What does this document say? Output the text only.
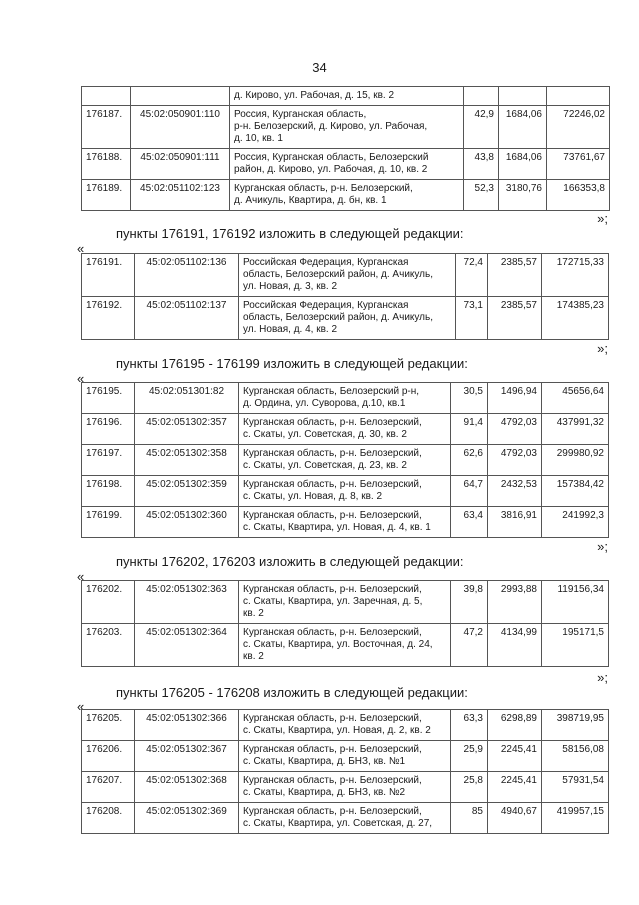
34

		д. Кирово, ул. Рабочая, д. 15, кв. 2			

176187.	45:02:050901:110	Россия, Курганская область,
р-н. Белозерский, д. Кирово, ул. Рабочая,
д. 10, кв. 1	42,9	1684,06	72246,02
176188.	45:02:050901:111	Россия, Курганская область, Белозерский
район, д. Кирово, ул. Рабочая, д. 10, кв. 2	43,8	1684,06	73761,67
176189.	45:02:051102:123	Курганская область, р-н. Белозерский,
д. Ачикуль, Квартира, д. бн, кв. 1	52,3	3180,76	166353,8
»;
пункты 176191, 176192 изложить в следующей редакции:
«
176191.	45:02:051102:136	Российская Федерация, Курганская
область, Белозерский район, д. Ачикуль,
ул. Новая, д. 3, кв. 2	72,4	2385,57	172715,33
176192.	45:02:051102:137	Российская Федерация, Курганская
область, Белозерский район, д. Ачикуль,
ул. Новая, д. 4, кв. 2	73,1	2385,57	174385,23
»;
пункты 176195 - 176199 изложить в следующей редакции:
«
176195.	45:02:051301:82	Курганская область, Белозерский р-н,
д. Ордина, ул. Суворова, д.10, кв.1	30,5	1496,94	45656,64
176196.	45:02:051302:357	Курганская область, р-н. Белозерский,
с. Скаты, ул. Советская, д. 30, кв. 2	91,4	4792,03	437991,32
176197.	45:02:051302:358	Курганская область, р-н. Белозерский,
с. Скаты, ул. Советская, д. 23, кв. 2	62,6	4792,03	299980,92
176198.	45:02:051302:359	Курганская область, р-н. Белозерский,
с. Скаты, ул. Новая, д. 8, кв. 2	64,7	2432,53	157384,42
176199.	45:02:051302:360	Курганская область, р-н. Белозерский,
с. Скаты, Квартира, ул. Новая, д. 4, кв. 1	63,4	3816,91	241992,3
»;
пункты 176202, 176203 изложить в следующей редакции:
«
176202.	45:02:051302:363	Курганская область, р-н. Белозерский,
с. Скаты, Квартира, ул. Заречная, д. 5,
кв. 2	39,8	2993,88	119156,34
176203.	45:02:051302:364	Курганская область, р-н. Белозерский,
с. Скаты, Квартира, ул. Восточная, д. 24,
кв. 2	47,2	4134,99	195171,5
»;
пункты 176205 - 176208 изложить в следующей редакции:
«
176205.	45:02:051302:366	Курганская область, р-н. Белозерский,
с. Скаты, Квартира, ул. Новая, д. 2, кв. 2	63,3	6298,89	398719,95
176206.	45:02:051302:367	Курганская область, р-н. Белозерский,
с. Скаты, Квартира, д. БНЗ, кв. №1	25,9	2245,41	58156,08
176207.	45:02:051302:368	Курганская область, р-н. Белозерский,
с. Скаты, Квартира, д. БНЗ, кв. №2	25,8	2245,41	57931,54
176208.	45:02:051302:369	Курганская область, р-н. Белозерский,
с. Скаты, Квартира, ул. Советская, д. 27,	85	4940,67	419957,15
